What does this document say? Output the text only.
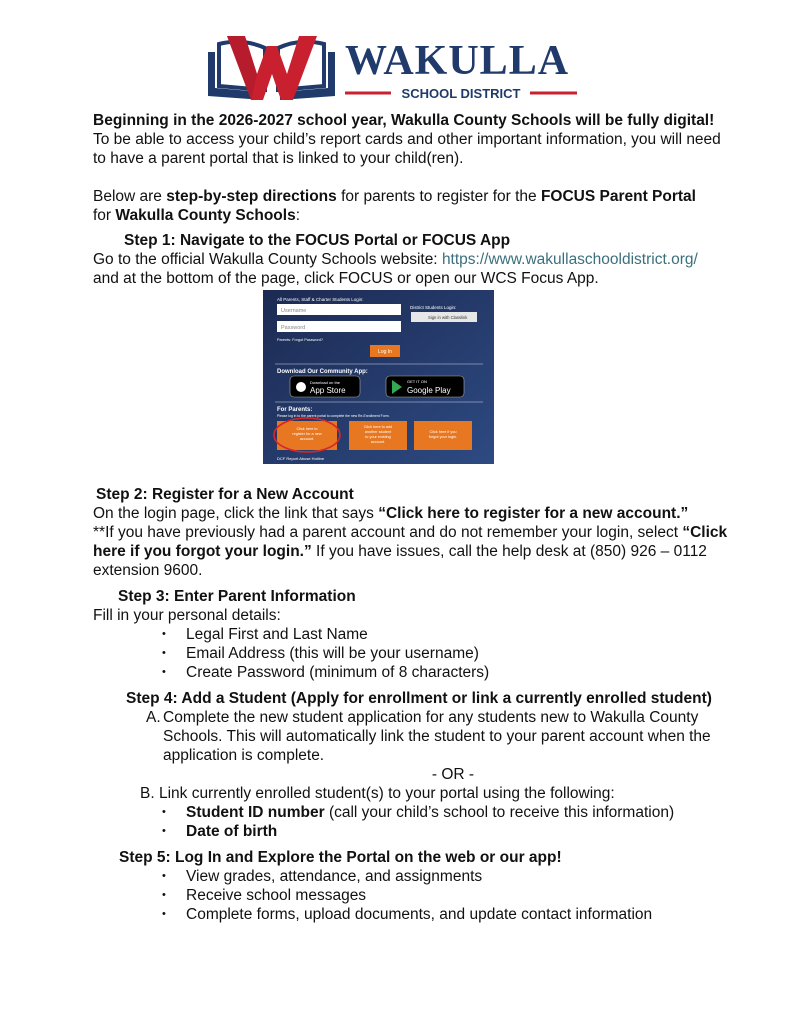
WAKULLA
SCHOOL DISTRICT

Beginning in the 2026-2027 school year, Wakulla County Schools will be fully digital!

To be able to access your child’s report cards and other important information, you will need to have a parent portal that is linked to your child(ren).

Below are step-by-step directions for parents to register for the FOCUS Parent Portal
for Wakulla County Schools:

Step 1: Navigate to the FOCUS Portal or FOCUS App

Go to the official Wakulla County Schools website: https://www.wakullaschooldistrict.org/

and at the bottom of the page, click FOCUS or open our WCS Focus App.

Step 2: Register for a New Account

On the login page, click the link that says “Click here to register for a new account.”

**If you have previously had a parent account and do not remember your login, select “Click here if you forgot your login.” If you have issues, call the help desk at (850) 926 – 0112 extension 9600.

Step 3: Enter Parent Information

Fill in your personal details:

• Legal First and Last Name
• Email Address (this will be your username)
• Create Password (minimum of 8 characters)

Step 4: Add a Student (Apply for enrollment or link a currently enrolled student)

A. Complete the new student application for any students new to Wakulla County Schools. This will automatically link the student to your parent account when the application is complete.

- OR -

B. Link currently enrolled student(s) to your portal using the following:

• Student ID number (call your child’s school to receive this information)
• Date of birth

Step 5: Log In and Explore the Portal on the web or our app!

• View grades, attendance, and assignments
• Receive school messages
• Complete forms, upload documents, and update contact information
All Parents, Staff & Charter Students Login:
District Students Login:
Username
Password
Sign in with Classlink
Parents: Forgot Password?
Log In
Download Our Community App:
Download on the
App Store
GET IT ON
Google Play
For Parents:
Please log in to the parent portal to complete the new Re-Enrollment Form.
Click here to
register for a new
account.
Click here to add
another student
to your existing
account.
Click here if you
forgot your login.
DCF Report Abuse Hotline
